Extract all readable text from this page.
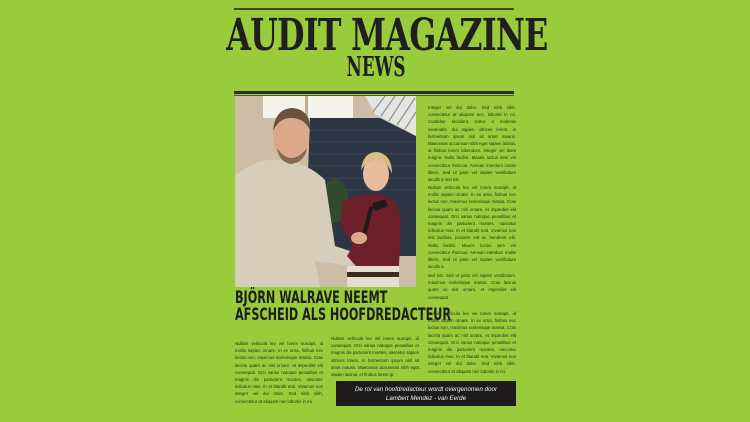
AUDIT MAGAZINE
NEWS
BJÖRN WALRAVE NEEMT
AFSCHEID ALS HOOFDREDACTEUR
Nullam vehicula leo vel lorem suscipit, id mollis sapien ornare. In ex urna, finibus nec luctus non, maximus scelerisque massa. Cras lacinia quam ac nisl ornare, et imperdiet elit consequat. Orci varius natoque penatibus et magnis dis parturient montes, nascetur ridiculus mus. In et blandit erat. Vivamus non integer vel dui dolor. Sed nibh nibh, consectetur at aliquam nec lobortis in mi.
Nullam vehicula leo vel lorem suscipit, id consequat. Orci varius natoque penatibus et magnis dis parturient montes, nascetur sapien ultrices lorem, in fermentum ipsum nisl sit amet mauris. Maecenas accumsan nibh eget sapien lacinia, et finibus lorem ip
Integer vel dui dolor. Sed nibh nibh, consectetur at aliquam nec, lobortis in mi. Curabitur tincidunt, tortor a molestie venenatis, dui sapien ultrices lorem, in fermentum ipsum nisl sit amet mauris. Maecenas accumsan nibh eget sapien lacinia, at finibus lorem bibendum. Integer vel diam magna. Nulla facilisi. Mauris luctus sem vel consectetur rhoncus. Aenean interdum mattis libero. Sed ut justo vel sapien vestibulum iaculis a sed est.
Nullam vehicula leo vel lorem suscipit, id mollis sapien ornare. In ex urna, finibus nec luctus non, maximus scelerisque massa. Cras lacinia quam ac nisl ornare, et imperdiet elit consequat. Orci varius natoque penatibus et magnis dis parturient montes, nascetur ridiculus mus. In et blandit erat. Vivamus non nisl facilisis, posuere est at, hendrerit elit. Nulla facilisi. Mauris luctus sem vel consectetur rhoncus. Aenean interdum mollis libero. Sed ut justo vel sapien vestibulum iaculis a
sed est. Sed ut justo vel sapien vestibulum. maximus scelerisque massa. Cras lacinia quam ac nisl ornare, et imperdiet elit consequat.
Nullam vehicula leo vel lorem suscipit, id mollis sapien ornare. In ex urna, finibus nec luctus non, maximus scelerisque massa. Cras lacinia quam ac nisl ornare, et imperdiet elit consequat. Orci varius natoque penatibus et magnis dis parturient montes, nascetur ridiculus mus. In et blandit erat. Vivamus non integer vel dui dolor. Sed nibh nibh, consectetur at aliquam nec lobortis in mi.
De rol van hoofdredacteur wordt overgenomen door
Lambert Mendez - van Eerde
